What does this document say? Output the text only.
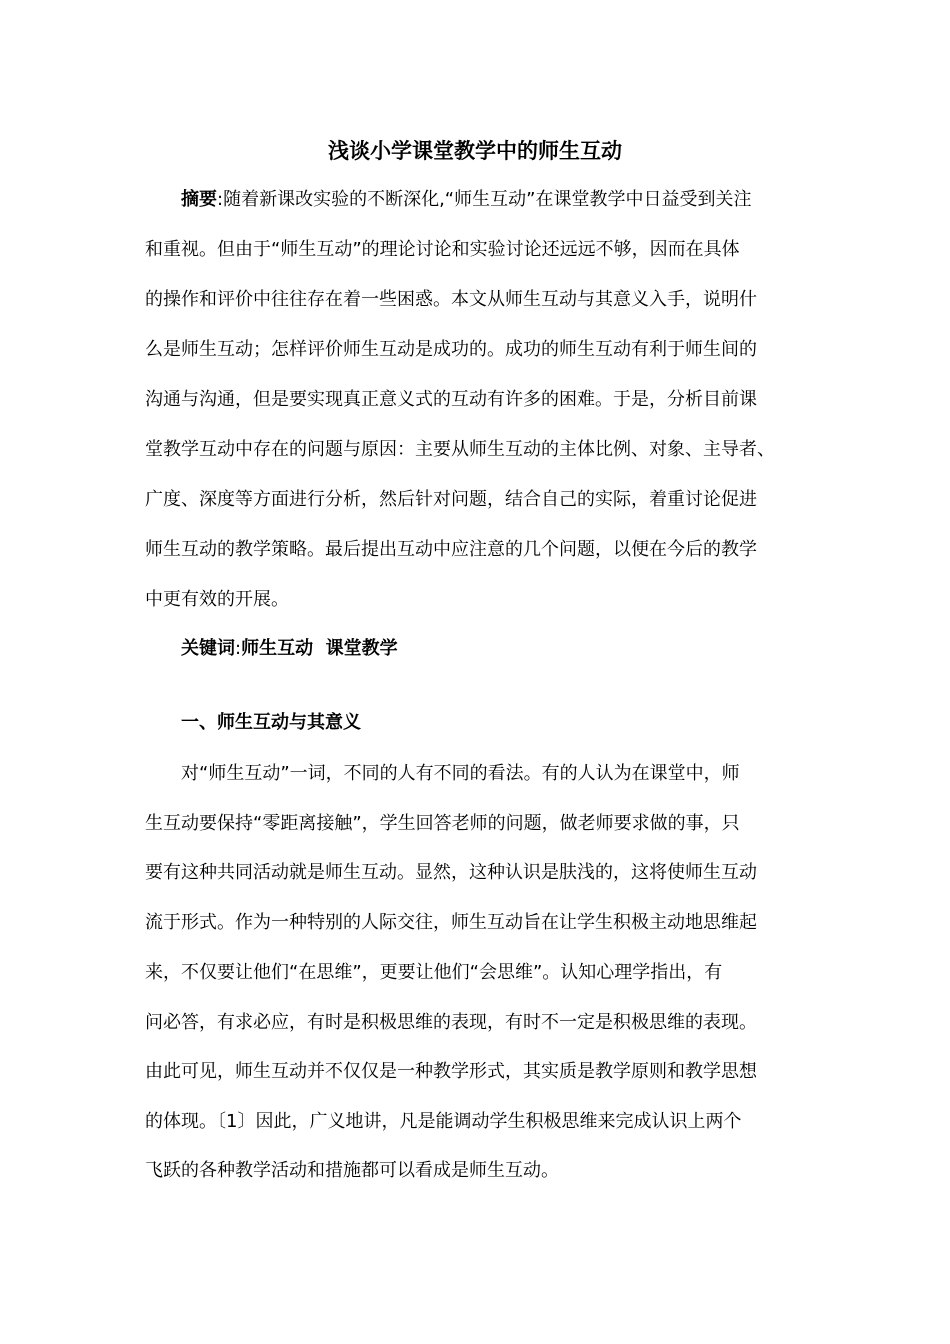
浅谈小学课堂教学中的师生互动
摘要:随着新课改实验的不断深化,“师生互动”在课堂教学中日益受到关注
和重视。但由于“师生互动”的理论讨论和实验讨论还远远不够，因而在具体
的操作和评价中往往存在着一些困惑。本文从师生互动与其意义入手，说明什
么是师生互动；怎样评价师生互动是成功的。成功的师生互动有利于师生间的
沟通与沟通，但是要实现真正意义式的互动有许多的困难。于是，分析目前课
堂教学互动中存在的问题与原因：主要从师生互动的主体比例、对象、主导者、
广度、深度等方面进行分析，然后针对问题，结合自己的实际，着重讨论促进
师生互动的教学策略。最后提出互动中应注意的几个问题，以便在今后的教学
中更有效的开展。
关键词:师生互动  课堂教学
一、师生互动与其意义
对“师生互动”一词，不同的人有不同的看法。有的人认为在课堂中，师
生互动要保持“零距离接触”，学生回答老师的问题，做老师要求做的事，只
要有这种共同活动就是师生互动。显然，这种认识是肤浅的，这将使师生互动
流于形式。作为一种特别的人际交往，师生互动旨在让学生积极主动地思维起
来，不仅要让他们“在思维”，更要让他们“会思维”。认知心理学指出，有
问必答，有求必应，有时是积极思维的表现，有时不一定是积极思维的表现。
由此可见，师生互动并不仅仅是一种教学形式，其实质是教学原则和教学思想
的体现。〔1〕因此，广义地讲，凡是能调动学生积极思维来完成认识上两个
飞跃的各种教学活动和措施都可以看成是师生互动。
